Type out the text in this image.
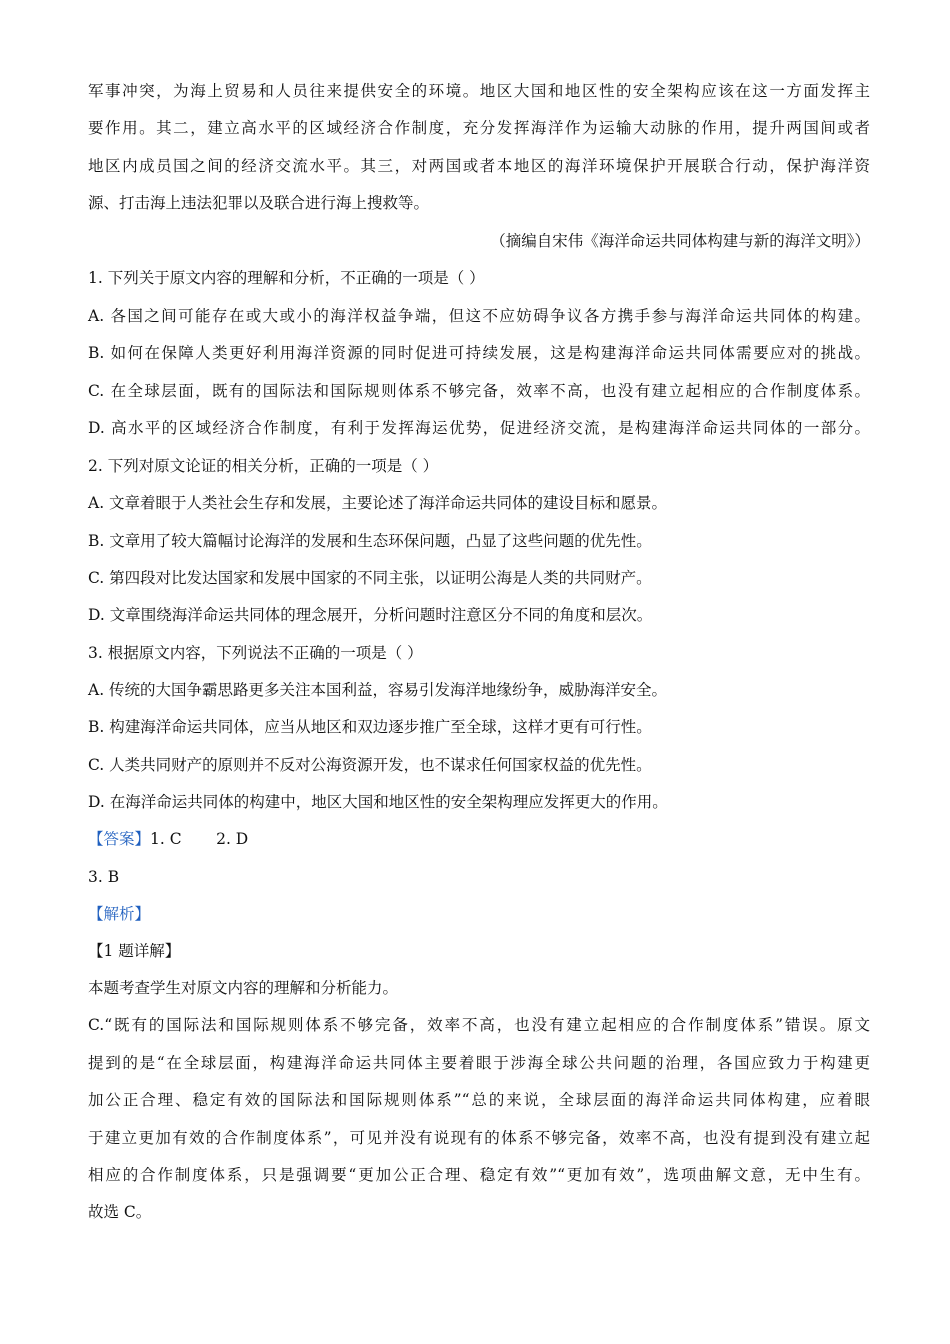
军事冲突，为海上贸易和人员往来提供安全的环境。地区大国和地区性的安全架构应该在这一方面发挥主
要作用。其二，建立高水平的区域经济合作制度，充分发挥海洋作为运输大动脉的作用，提升两国间或者
地区内成员国之间的经济交流水平。其三，对两国或者本地区的海洋环境保护开展联合行动，保护海洋资
源、打击海上违法犯罪以及联合进行海上搜救等。
（摘编自宋伟《海洋命运共同体构建与新的海洋文明》）
1. 下列关于原文内容的理解和分析，不正确的一项是（ ）
A. 各国之间可能存在或大或小的海洋权益争端，但这不应妨碍争议各方携手参与海洋命运共同体的构建。
B. 如何在保障人类更好利用海洋资源的同时促进可持续发展，这是构建海洋命运共同体需要应对的挑战。
C. 在全球层面，既有的国际法和国际规则体系不够完备，效率不高，也没有建立起相应的合作制度体系。
D. 高水平的区域经济合作制度，有利于发挥海运优势，促进经济交流，是构建海洋命运共同体的一部分。
2. 下列对原文论证的相关分析，正确的一项是（ ）
A. 文章着眼于人类社会生存和发展，主要论述了海洋命运共同体的建设目标和愿景。
B. 文章用了较大篇幅讨论海洋的发展和生态环保问题，凸显了这些问题的优先性。
C. 第四段对比发达国家和发展中国家的不同主张，以证明公海是人类的共同财产。
D. 文章围绕海洋命运共同体的理念展开，分析问题时注意区分不同的角度和层次。
3. 根据原文内容，下列说法不正确的一项是（ ）
A. 传统的大国争霸思路更多关注本国利益，容易引发海洋地缘纷争，威胁海洋安全。
B. 构建海洋命运共同体，应当从地区和双边逐步推广至全球，这样才更有可行性。
C. 人类共同财产的原则并不反对公海资源开发，也不谋求任何国家权益的优先性。
D. 在海洋命运共同体的构建中，地区大国和地区性的安全架构理应发挥更大的作用。
【答案】1. C       2. D
3. B
【解析】
【1 题详解】
本题考查学生对原文内容的理解和分析能力。
C.“既有的国际法和国际规则体系不够完备，效率不高，也没有建立起相应的合作制度体系”错误。原文
提到的是“在全球层面，构建海洋命运共同体主要着眼于涉海全球公共问题的治理，各国应致力于构建更
加公正合理、稳定有效的国际法和国际规则体系”“总的来说，全球层面的海洋命运共同体构建，应着眼
于建立更加有效的合作制度体系”，可见并没有说现有的体系不够完备，效率不高，也没有提到没有建立起
相应的合作制度体系，只是强调要“更加公正合理、稳定有效”“更加有效”，选项曲解文意，无中生有。
故选 C。
